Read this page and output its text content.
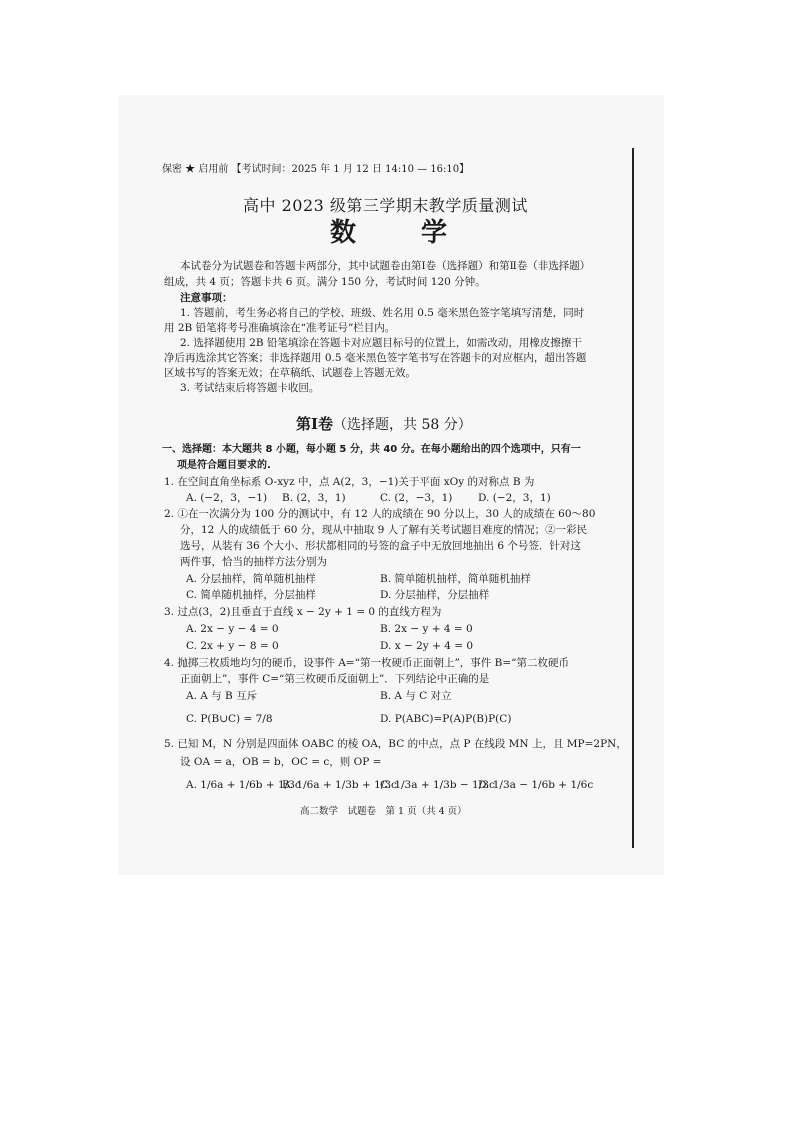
保密 ★ 启用前 【考试时间：2025 年 1 月 12 日 14:10 — 16:10】
高中 2023 级第三学期末教学质量测试
数 学
本试卷分为试题卷和答题卡两部分，其中试题卷由第Ⅰ卷（选择题）和第Ⅱ卷（非选择题）
组成，共 4 页；答题卡共 6 页。满分 150 分，考试时间 120 分钟。
注意事项：
1. 答题前，考生务必将自己的学校、班级、姓名用 0.5 毫米黑色签字笔填写清楚，同时
用 2B 铅笔将考号准确填涂在“准考证号”栏目内。
2. 选择题使用 2B 铅笔填涂在答题卡对应题目标号的位置上，如需改动，用橡皮擦擦干
净后再选涂其它答案；非选择题用 0.5 毫米黑色签字笔书写在答题卡的对应框内，超出答题
区域书写的答案无效；在草稿纸、试题卷上答题无效。
3. 考试结束后将答题卡收回。
第Ⅰ卷（选择题，共 58 分）
一、选择题：本大题共 8 小题，每小题 5 分，共 40 分。在每小题给出的四个选项中，只有一
项是符合题目要求的.
1. 在空间直角坐标系 O-xyz 中，点 A(2，3，−1)关于平面 xOy 的对称点 B 为
A. (−2，3，−1) B. (2，3，1)	C. (2，−3，1) D. (−2，3，1)
2. ①在一次满分为 100 分的测试中，有 12 人的成绩在 90 分以上，30 人的成绩在 60～80
分，12 人的成绩低于 60 分，现从中抽取 9 人了解有关考试题目难度的情况；②一彩民
选号，从装有 36 个大小、形状都相同的号签的盒子中无放回地抽出 6 个号签．针对这
两件事，恰当的抽样方法分别为
A. 分层抽样，简单随机抽样	B. 简单随机抽样，简单随机抽样
C. 简单随机抽样，分层抽样	D. 分层抽样，分层抽样
3. 过点(3，2)且垂直于直线 x − 2y + 1 = 0 的直线方程为
A. 2x − y − 4 = 0	B. 2x − y + 4 = 0
C. 2x + y − 8 = 0	D. x − 2y + 4 = 0
4. 抛掷三枚质地均匀的硬币，设事件 A=“第一枚硬币正面朝上”，事件 B=“第二枚硬币
正面朝上”，事件 C=“第三枚硬币反面朝上”．下列结论中正确的是
A. A 与 B 互斥	B. A 与 C 对立
C. P(B∪C) = 7/8	D. P(ABC)=P(A)P(B)P(C)
5. 已知 M，N 分别是四面体 OABC 的棱 OA，BC 的中点，点 P 在线段 MN 上，且 MP=2PN，
设 OA = a，OB = b，OC = c，则 OP =
A. 1/6a + 1/6b + 1/3c
B. 1/6a + 1/3b + 1/3c
C. 1/3a + 1/3b − 1/3c
D. 1/3a − 1/6b + 1/6c
高二数学　试题卷　第 1 页（共 4 页）
